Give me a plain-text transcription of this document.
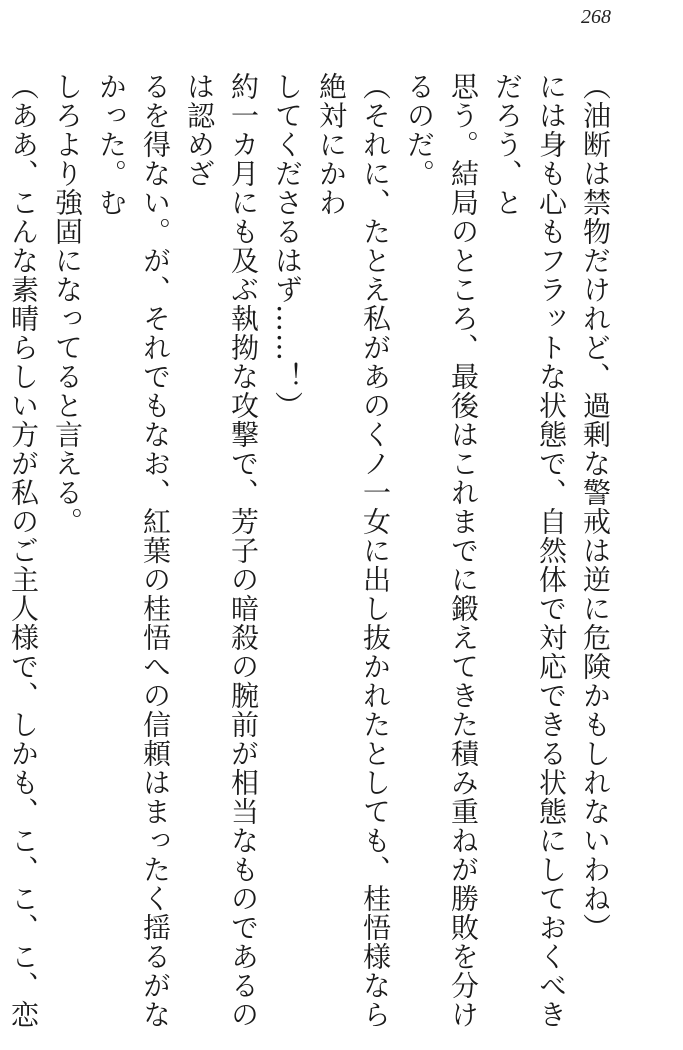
268

（油断は禁物だけれど、過剰な警戒は逆に危険かもしれないわね）

には身も心もフラットな状態で、自然体で対応できる状態にしておくべきだろう、と

思う。結局のところ、最後はこれまでに鍛えてきた積み重ねが勝敗を分けるのだ。

（それに、たとえ私があのくノ一女に出し抜かれたとしても、桂悟様なら絶対にかわ

してくださるはず……！）

約一カ月にも及ぶ執拗な攻撃で、芳子の暗殺の腕前が相当なものであるのは認めざ

るを得ない。が、それでもなお、紅葉の桂悟への信頼はまったく揺るがなかった。む

しろより強固になってると言える。

（ああ、こんな素晴らしい方が私のご主人様で、しかも、こ、こ、こ、恋
